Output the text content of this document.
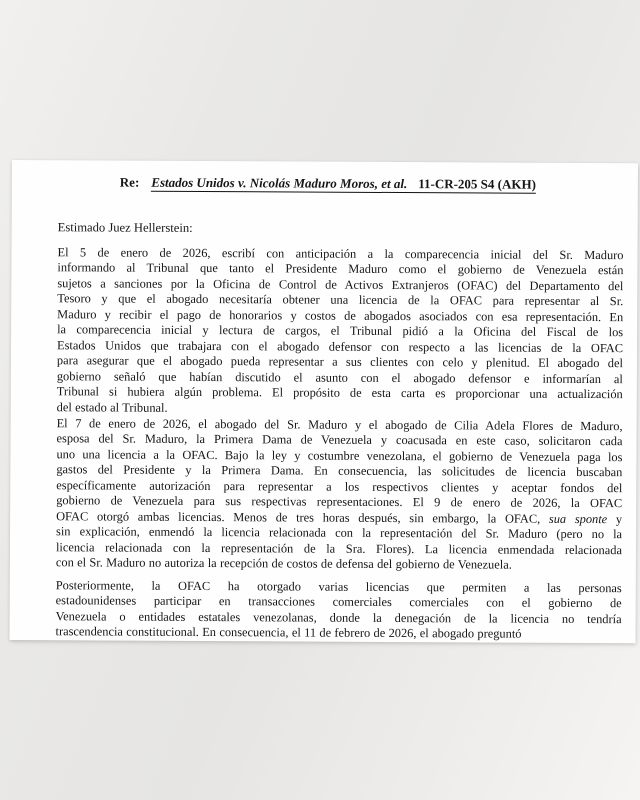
Re: Estados Unidos v. Nicolás Maduro Moros, et al. 11-CR-205 S4 (AKH)
Estimado Juez Hellerstein:
El 5 de enero de 2026, escribí con anticipación a la comparecencia inicial del Sr. Maduro
informando al Tribunal que tanto el Presidente Maduro como el gobierno de Venezuela están
sujetos a sanciones por la Oficina de Control de Activos Extranjeros (OFAC) del Departamento del
Tesoro y que el abogado necesitaría obtener una licencia de la OFAC para representar al Sr.
Maduro y recibir el pago de honorarios y costos de abogados asociados con esa representación. En
la comparecencia inicial y lectura de cargos, el Tribunal pidió a la Oficina del Fiscal de los
Estados Unidos que trabajara con el abogado defensor con respecto a las licencias de la OFAC
para asegurar que el abogado pueda representar a sus clientes con celo y plenitud. El abogado del
gobierno señaló que habían discutido el asunto con el abogado defensor e informarían al
Tribunal si hubiera algún problema. El propósito de esta carta es proporcionar una actualización
del estado al Tribunal.
El 7 de enero de 2026, el abogado del Sr. Maduro y el abogado de Cilia Adela Flores de Maduro,
esposa del Sr. Maduro, la Primera Dama de Venezuela y coacusada en este caso, solicitaron cada
uno una licencia a la OFAC. Bajo la ley y costumbre venezolana, el gobierno de Venezuela paga los
gastos del Presidente y la Primera Dama. En consecuencia, las solicitudes de licencia buscaban
específicamente autorización para representar a los respectivos clientes y aceptar fondos del
gobierno de Venezuela para sus respectivas representaciones. El 9 de enero de 2026, la OFAC
OFAC otorgó ambas licencias. Menos de tres horas después, sin embargo, la OFAC, sua sponte y
sin explicación, enmendó la licencia relacionada con la representación del Sr. Maduro (pero no la
licencia relacionada con la representación de la Sra. Flores). La licencia enmendada relacionada
con el Sr. Maduro no autoriza la recepción de costos de defensa del gobierno de Venezuela.
Posteriormente, la OFAC ha otorgado varias licencias que permiten a las personas
estadounidenses participar en transacciones comerciales comerciales con el gobierno de
Venezuela o entidades estatales venezolanas, donde la denegación de la licencia no tendría
trascendencia constitucional. En consecuencia, el 11 de febrero de 2026, el abogado preguntó
